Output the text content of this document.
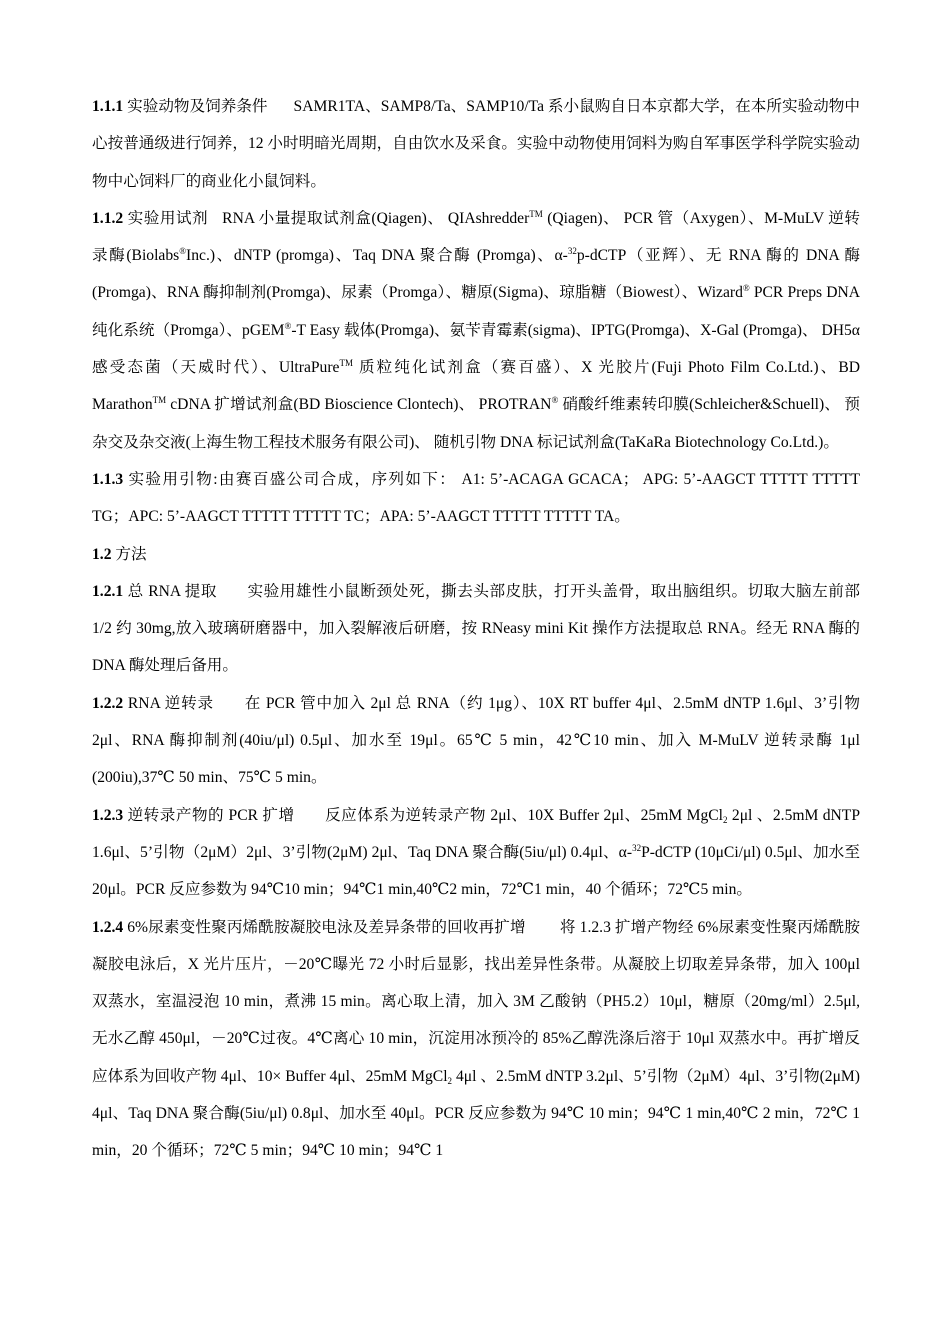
1.1.1 实验动物及饲养条件 SAMR1TA、SAMP8/Ta、SAMP10/Ta 系小鼠购自日本京都大学，在本所实验动物中心按普通级进行饲养，12 小时明暗光周期，自由饮水及采食。实验中动物使用饲料为购自军事医学科学院实验动物中心饲料厂的商业化小鼠饲料。
1.1.2 实验用试剂 RNA 小量提取试剂盒(Qiagen)、 QIAshredder™ (Qiagen)、 PCR 管（Axygen）、M-MuLV 逆转录酶(Biolabs®Inc.)、dNTP (promga)、Taq DNA 聚合酶 (Promga)、α-$^{32}$p-dCTP（亚辉）、无 RNA 酶的 DNA 酶(Promga)、RNA 酶抑制剂(Promga)、尿素（Promga）、糖原(Sigma)、琼脂糖（Biowest）、Wizard® PCR Preps DNA 纯化系统（Promga）、pGEM®-T Easy 载体(Promga)、氨苄青霉素(sigma)、IPTG(Promga)、X-Gal (Promga)、 DH5α 感受态菌（天威时代）、UltraPure™ 质粒纯化试剂盒（赛百盛）、X 光胶片(Fuji Photo Film Co.Ltd.)、BD Marathon™ cDNA 扩增试剂盒(BD Bioscience Clontech)、 PROTRAN® 硝酸纤维素转印膜(Schleicher&Schuell)、 预杂交及杂交液(上海生物工程技术服务有限公司)、 随机引物 DNA 标记试剂盒(TaKaRa Biotechnology Co.Ltd.)。
1.1.3 实验用引物:由赛百盛公司合成，序列如下： A1: 5’-ACAGA GCACA； APG: 5’-AAGCT TTTTT TTTTT TG；APC: 5’-AAGCT TTTTT TTTTT TC；APA: 5’-AAGCT TTTTT TTTTT TA。
1.2 方法
1.2.1 总 RNA 提取 实验用雄性小鼠断颈处死，撕去头部皮肤，打开头盖骨，取出脑组织。切取大脑左前部 1/2 约 30mg,放入玻璃研磨器中，加入裂解液后研磨，按 RNeasy mini Kit 操作方法提取总 RNA。经无 RNA 酶的 DNA 酶处理后备用。
1.2.2 RNA 逆转录 在 PCR 管中加入 2μl 总 RNA（约 1μg）、10X RT buffer 4μl、2.5mM dNTP 1.6μl、3’引物 2μl、RNA 酶抑制剂(40iu/μl) 0.5μl、加水至 19μl。65℃ 5 min，42℃10 min、加入 M-MuLV 逆转录酶 1μl (200iu),37℃ 50 min、75℃ 5 min。
1.2.3 逆转录产物的 PCR 扩增 反应体系为逆转录产物 2μl、10X Buffer 2μl、25mM MgCl$_2$ 2μl 、2.5mM dNTP 1.6μl、5’引物（2μM）2μl、3’引物(2μM) 2μl、Taq DNA 聚合酶(5iu/μl) 0.4μl、α-$^{32}$P-dCTP (10μCi/μl) 0.5μl、加水至 20μl。PCR 反应参数为 94℃10 min；94℃1 min,40℃2 min，72℃1 min，40 个循环；72℃5 min。
1.2.4 6%尿素变性聚丙烯酰胺凝胶电泳及差异条带的回收再扩增 将 1.2.3 扩增产物经 6%尿素变性聚丙烯酰胺凝胶电泳后，X 光片压片，－20℃曝光 72 小时后显影，找出差异性条带。从凝胶上切取差异条带，加入 100μl 双蒸水，室温浸泡 10 min，煮沸 15 min。离心取上清，加入 3M 乙酸钠（PH5.2）10μl，糖原（20mg/ml）2.5μl, 无水乙醇 450μl，－20℃过夜。4℃离心 10 min，沉淀用冰预冷的 85%乙醇洗涤后溶于 10μl 双蒸水中。再扩增反应体系为回收产物 4μl、10× Buffer 4μl、25mM MgCl$_2$ 4μl 、2.5mM dNTP 3.2μl、5’引物（2μM）4μl、3’引物(2μM) 4μl、Taq DNA 聚合酶(5iu/μl) 0.8μl、加水至 40μl。PCR 反应参数为 94℃ 10 min；94℃ 1 min,40℃ 2 min，72℃ 1 min，20 个循环；72℃ 5 min；94℃ 10 min；94℃ 1
